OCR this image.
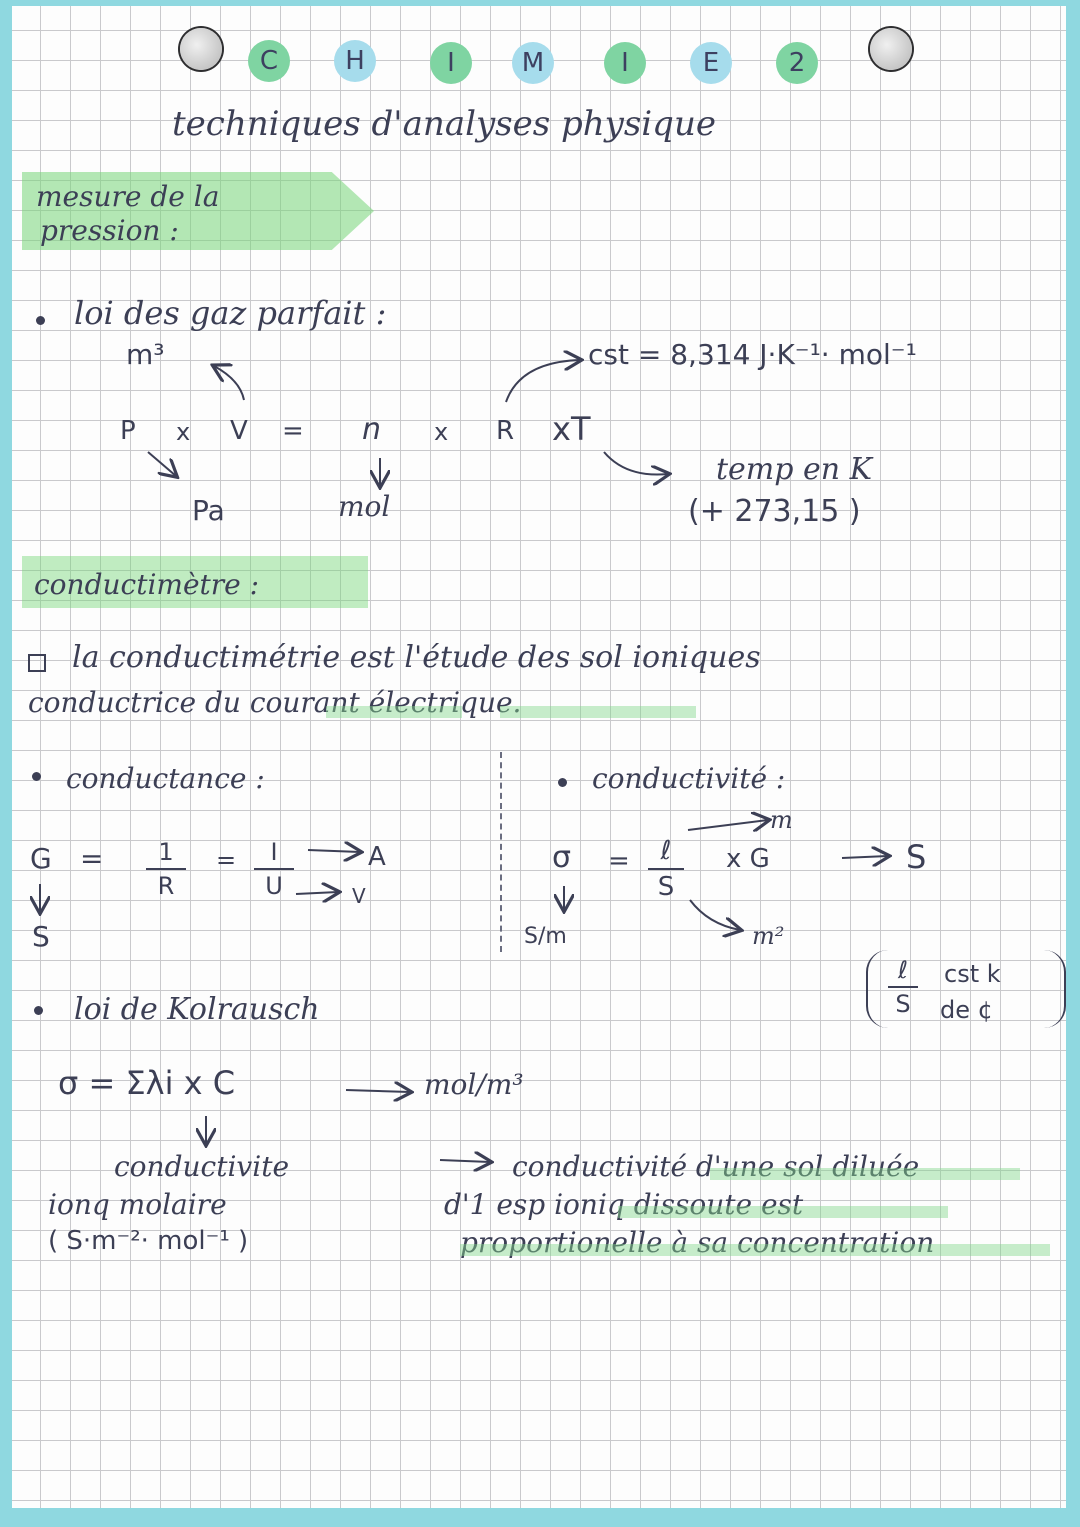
C	H	I	M	I	E	2
techniques d'analyses physique
mesure de la
pression :
loi des gaz parfait :
m³	cst = 8,314 J·K⁻¹· mol⁻¹
P x V = n x R xT
Pa	mol
temp en K
(+ 273,15 )
conductimètre :
la conductimétrie est l'étude des sol ioniques
conductrice du courant électrique.
conductance :
G = 1
R
= I
U
A
V
S
conductivité :
m
σ = ℓ
S
x G	S
m²
S/m
ℓ
S
cst k
de ¢
loi de Kolrausch
σ = Σλi x C	mol/m³
conductivite
ionq molaire
( S·m⁻²· mol⁻¹ )
conductivité d'une sol diluée
d'1 esp ioniq dissoute est
proportionelle à sa concentration
